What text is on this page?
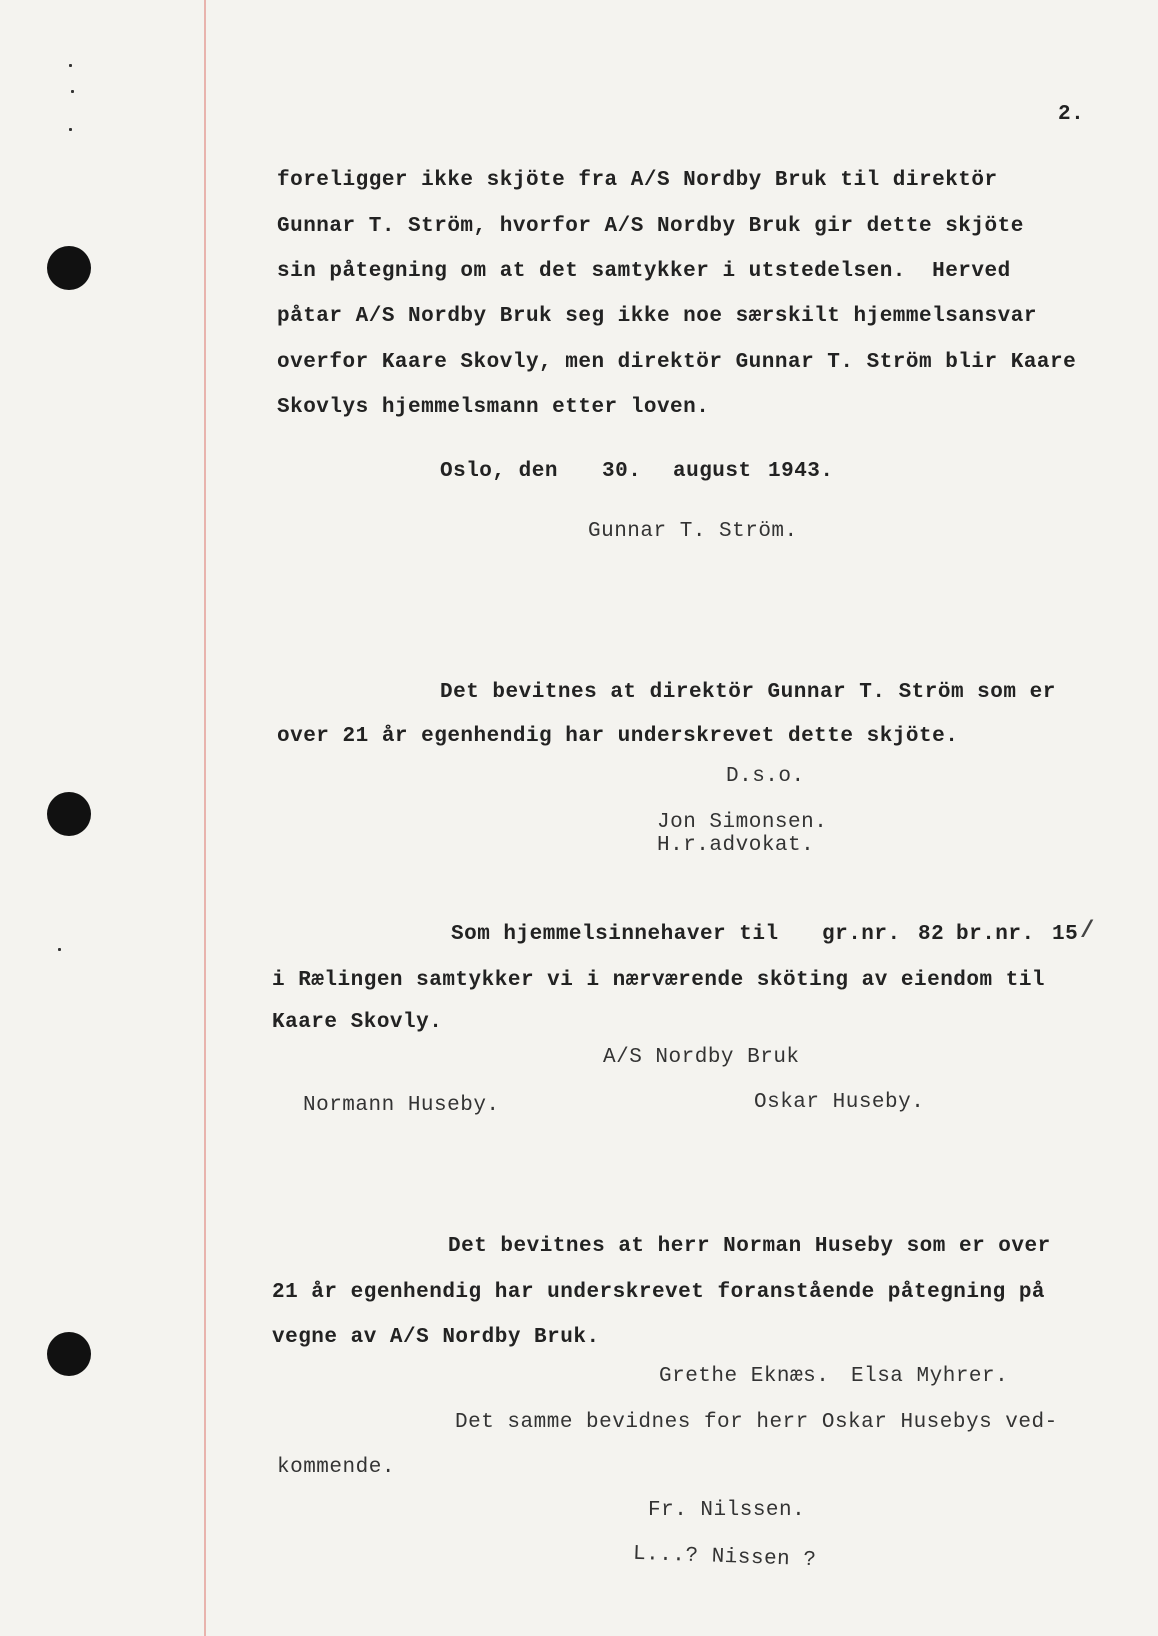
2.
foreligger ikke skjöte fra A/S Nordby Bruk til direktör
Gunnar T. Ström, hvorfor A/S Nordby Bruk gir dette skjöte
sin påtegning om at det samtykker i utstedelsen.  Herved
påtar A/S Nordby Bruk seg ikke noe særskilt hjemmelsansvar
overfor Kaare Skovly, men direktör Gunnar T. Ström blir Kaare
Skovlys hjemmelsmann etter loven.
Oslo, den 30. august 1943.
Gunnar T. Ström.
Det bevitnes at direktör Gunnar T. Ström som er
over 21 år egenhendig har underskrevet dette skjöte.
D.s.o.
Jon Simonsen.
H.r.advokat.
Som hjemmelsinnehaver til gr.nr. 82 br.nr. 15 /
i Rælingen samtykker vi i nærværende sköting av eiendom til
Kaare Skovly.
A/S Nordby Bruk
Normann Huseby.	Oskar Huseby.
Det bevitnes at herr Norman Huseby som er over
21 år egenhendig har underskrevet foranstående påtegning på
vegne av A/S Nordby Bruk.
Grethe Eknæs. Elsa Myhrer.
Det samme bevidnes for herr Oskar Husebys ved-
kommende.
Fr. Nilssen.
L...? Nissen ?
